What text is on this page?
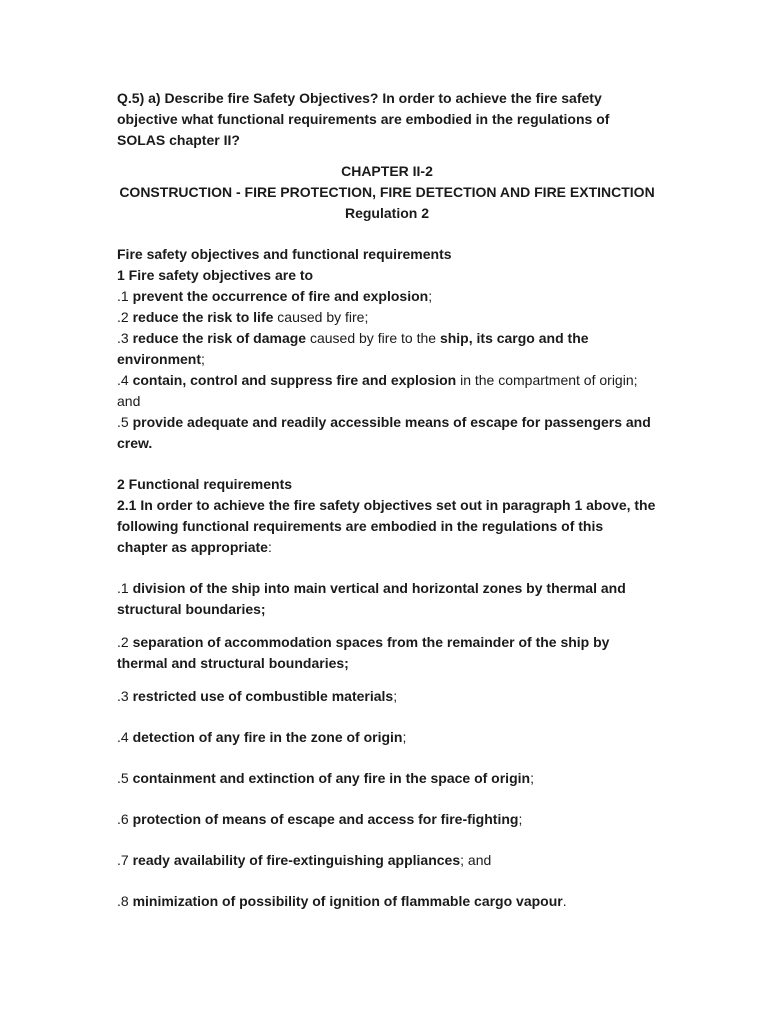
Q.5) a) Describe fire Safety Objectives? In order to achieve the fire safety objective what functional requirements are embodied in the regulations of SOLAS chapter II?

CHAPTER II-2

CONSTRUCTION - FIRE PROTECTION, FIRE DETECTION AND FIRE EXTINCTION

Regulation 2

Fire safety objectives and functional requirements

1 Fire safety objectives are to

.1 prevent the occurrence of fire and explosion;

.2 reduce the risk to life caused by fire;

.3 reduce the risk of damage caused by fire to the ship, its cargo and the environment;

.4 contain, control and suppress fire and explosion in the compartment of origin; and

.5 provide adequate and readily accessible means of escape for passengers and crew.

2 Functional requirements

2.1 In order to achieve the fire safety objectives set out in paragraph 1 above, the following functional requirements are embodied in the regulations of this chapter as appropriate:

.1 division of the ship into main vertical and horizontal zones by thermal and structural boundaries;

.2 separation of accommodation spaces from the remainder of the ship by thermal and structural boundaries;

.3 restricted use of combustible materials;

.4 detection of any fire in the zone of origin;

.5 containment and extinction of any fire in the space of origin;

.6 protection of means of escape and access for fire-fighting;

.7 ready availability of fire-extinguishing appliances; and

.8 minimization of possibility of ignition of flammable cargo vapour.
